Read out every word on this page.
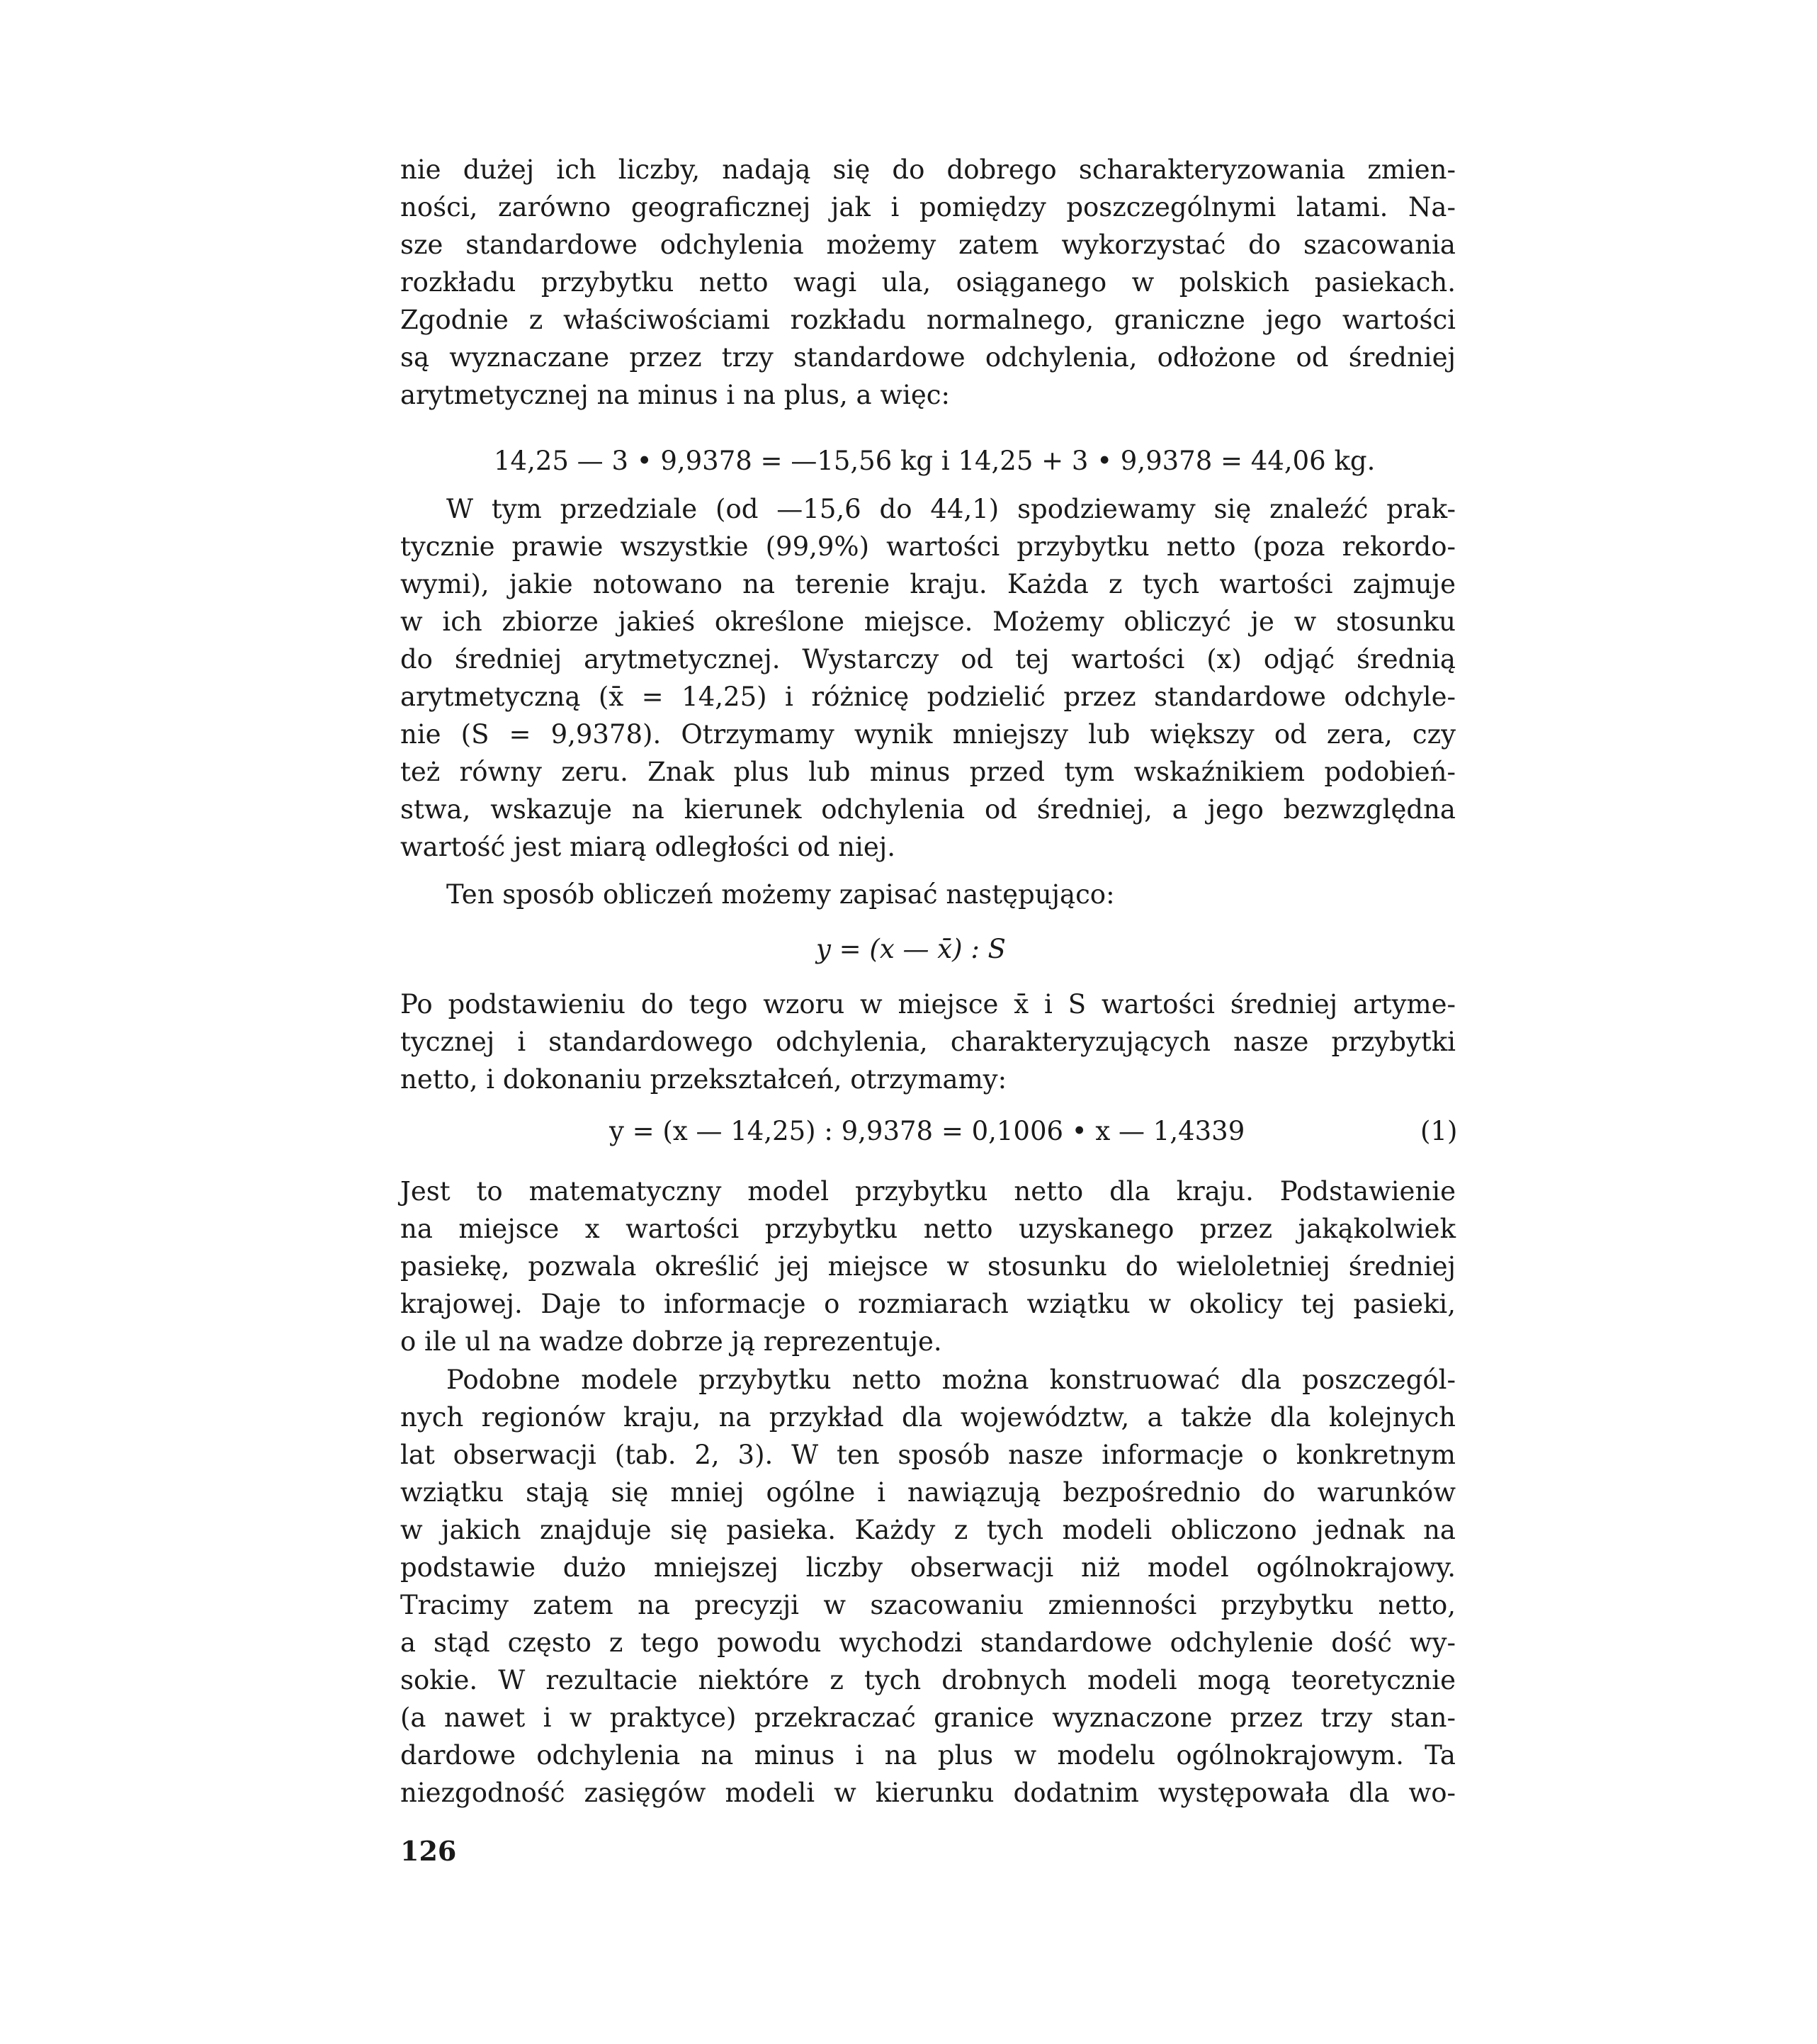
nie dużej ich liczby, nadają się do dobrego scharakteryzowania zmien-
ności, zarówno geograficznej jak i pomiędzy poszczególnymi latami. Na-
sze standardowe odchylenia możemy zatem wykorzystać do szacowania
rozkładu przybytku netto wagi ula, osiąganego w polskich pasiekach.
Zgodnie z właściwościami rozkładu normalnego, graniczne jego wartości
są wyznaczane przez trzy standardowe odchylenia, odłożone od średniej
arytmetycznej na minus i na plus, a więc:
14,25 — 3 • 9,9378 = —15,56 kg i 14,25 + 3 • 9,9378 = 44,06 kg.
W tym przedziale (od —15,6 do 44,1) spodziewamy się znaleźć prak-
tycznie prawie wszystkie (99,9%) wartości przybytku netto (poza rekordo-
wymi), jakie notowano na terenie kraju. Każda z tych wartości zajmuje
w ich zbiorze jakieś określone miejsce. Możemy obliczyć je w stosunku
do średniej arytmetycznej. Wystarczy od tej wartości (x) odjąć średnią
arytmetyczną (x̄ = 14,25) i różnicę podzielić przez standardowe odchyle-
nie (S = 9,9378). Otrzymamy wynik mniejszy lub większy od zera, czy
też równy zeru. Znak plus lub minus przed tym wskaźnikiem podobień-
stwa, wskazuje na kierunek odchylenia od średniej, a jego bezwzględna
wartość jest miarą odległości od niej.
Ten sposób obliczeń możemy zapisać następująco:
y = (x — x̄) : S
Po podstawieniu do tego wzoru w miejsce x̄ i S wartości średniej artyme-
tycznej i standardowego odchylenia, charakteryzujących nasze przybytki
netto, i dokonaniu przekształceń, otrzymamy:
y = (x — 14,25) : 9,9378 = 0,1006 • x — 1,4339	(1)
Jest to matematyczny model przybytku netto dla kraju. Podstawienie
na miejsce x wartości przybytku netto uzyskanego przez jakąkolwiek
pasiekę, pozwala określić jej miejsce w stosunku do wieloletniej średniej
krajowej. Daje to informacje o rozmiarach wziątku w okolicy tej pasieki,
o ile ul na wadze dobrze ją reprezentuje.
Podobne modele przybytku netto można konstruować dla poszczegól-
nych regionów kraju, na przykład dla województw, a także dla kolejnych
lat obserwacji (tab. 2, 3). W ten sposób nasze informacje o konkretnym
wziątku stają się mniej ogólne i nawiązują bezpośrednio do warunków
w jakich znajduje się pasieka. Każdy z tych modeli obliczono jednak na
podstawie dużo mniejszej liczby obserwacji niż model ogólnokrajowy.
Tracimy zatem na precyzji w szacowaniu zmienności przybytku netto,
a stąd często z tego powodu wychodzi standardowe odchylenie dość wy-
sokie. W rezultacie niektóre z tych drobnych modeli mogą teoretycznie
(a nawet i w praktyce) przekraczać granice wyznaczone przez trzy stan-
dardowe odchylenia na minus i na plus w modelu ogólnokrajowym. Ta
niezgodność zasięgów modeli w kierunku dodatnim występowała dla wo-
126
